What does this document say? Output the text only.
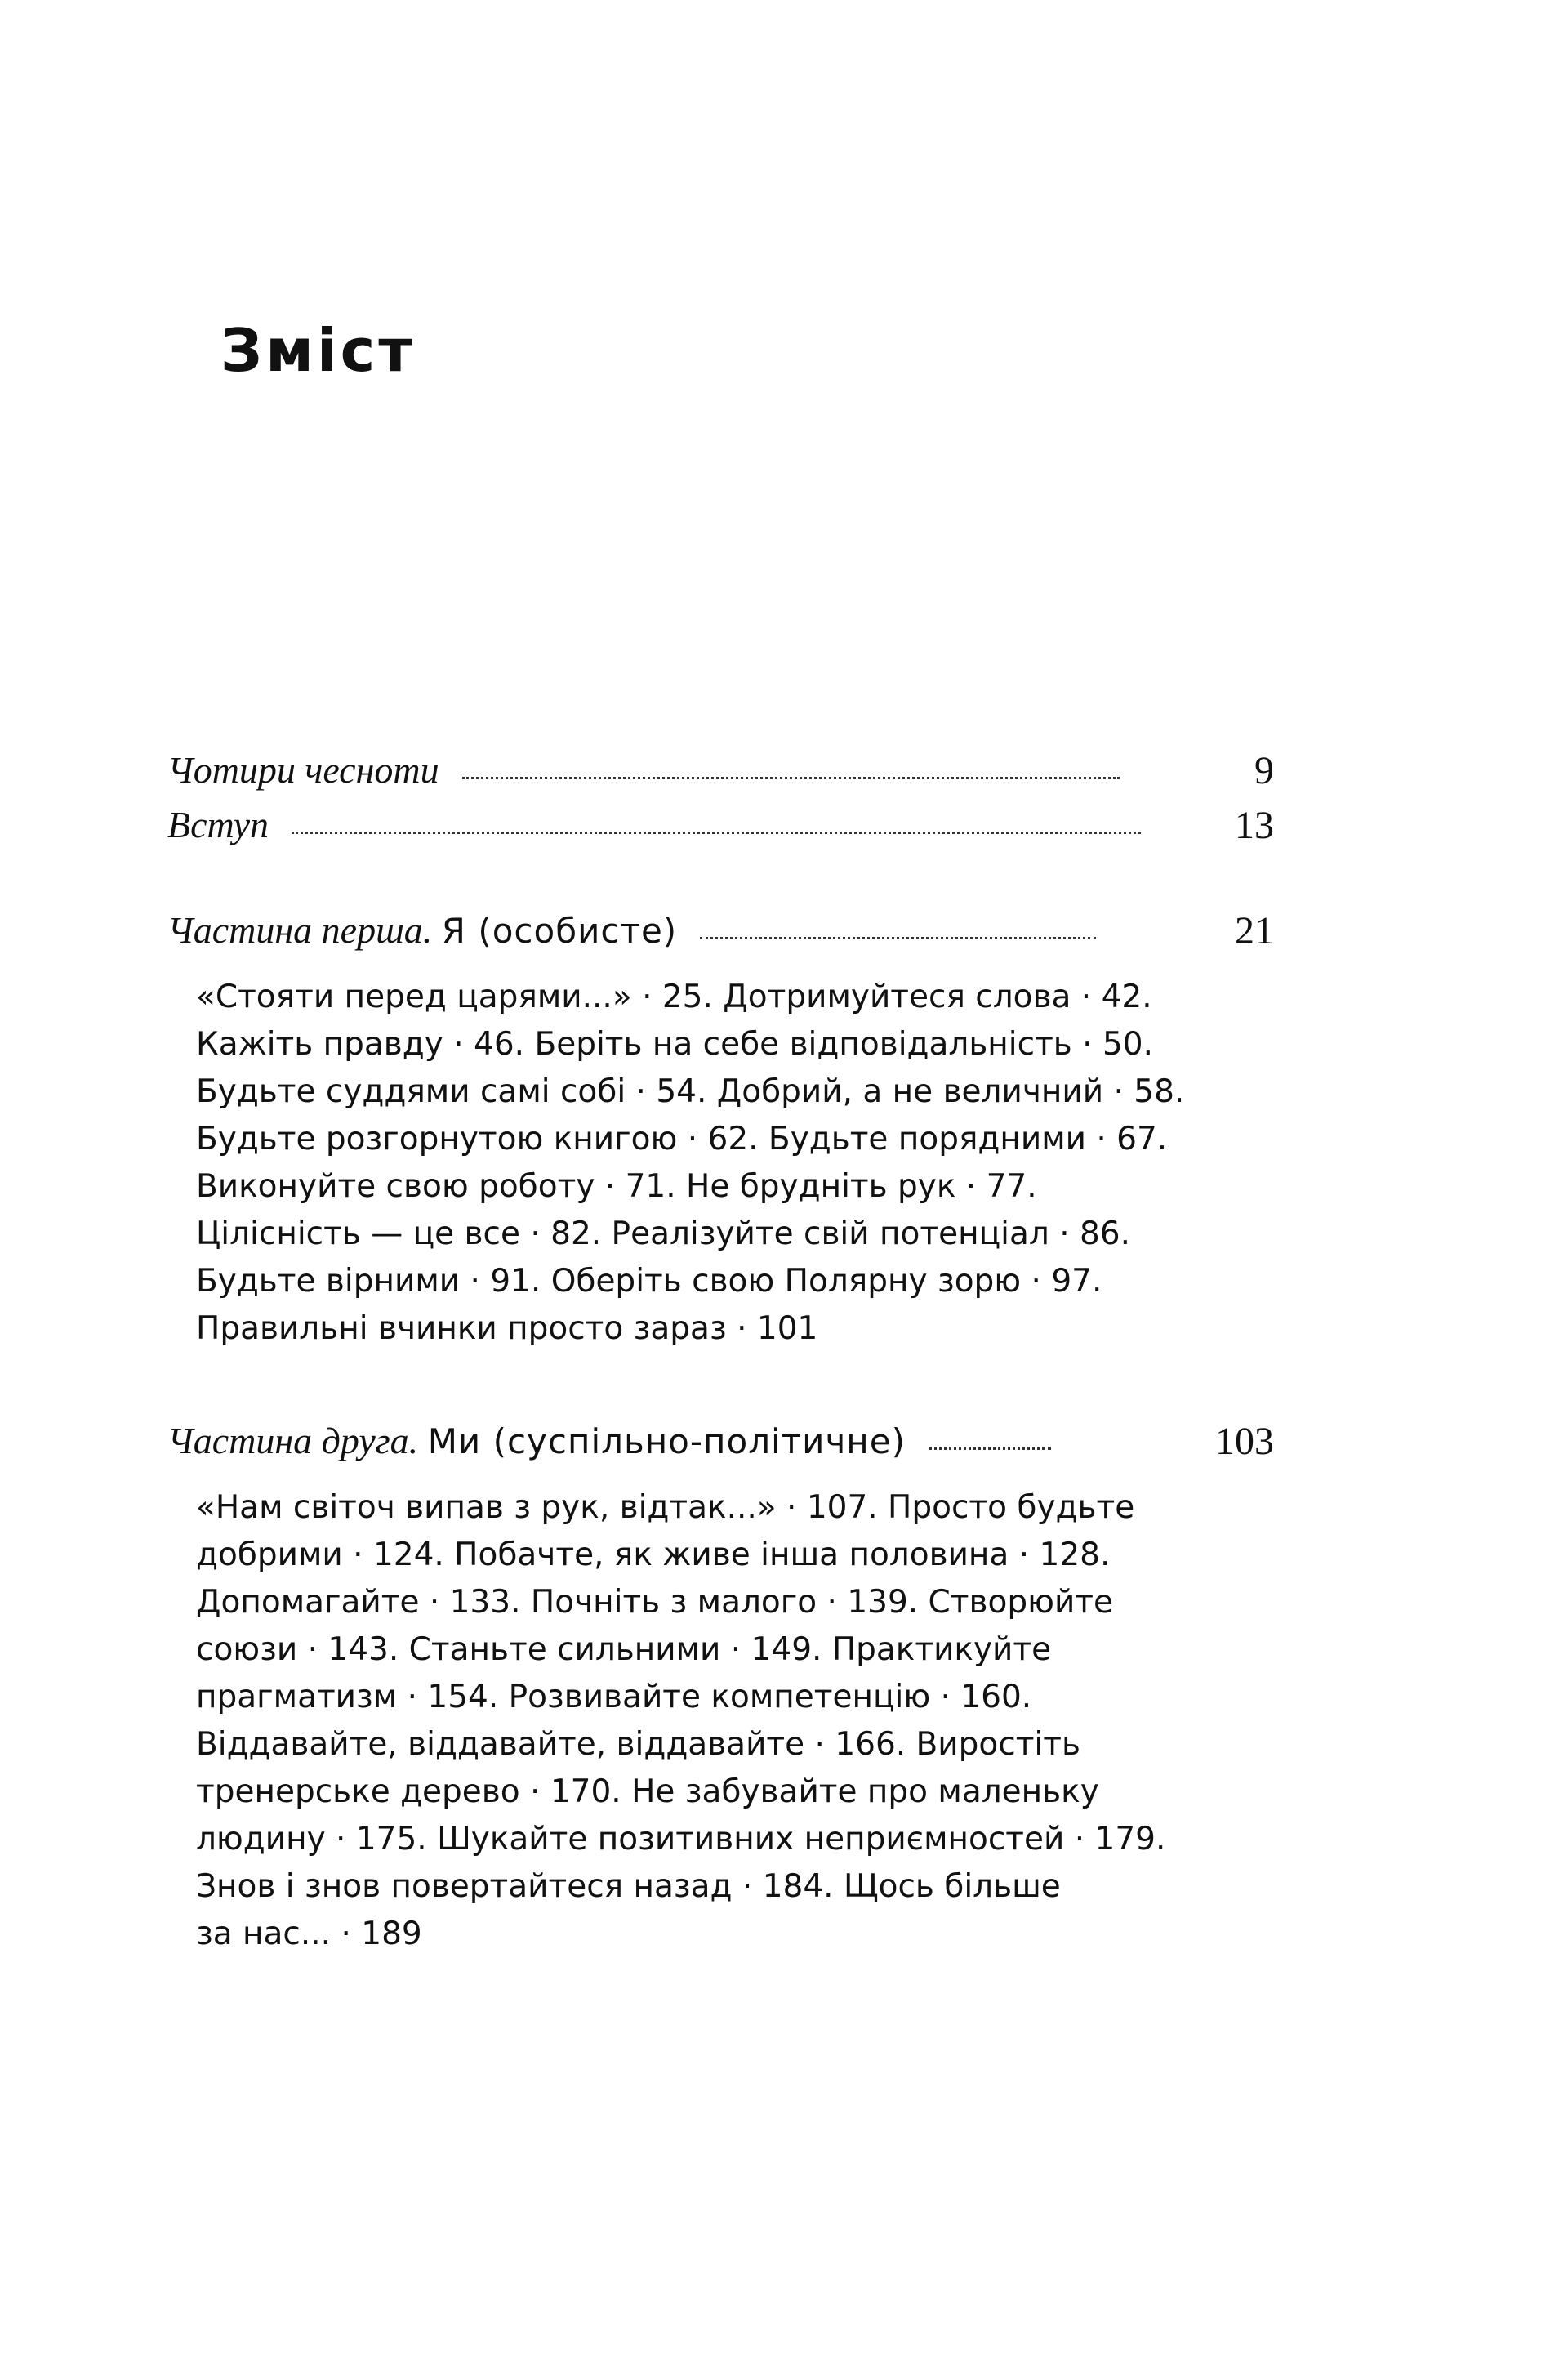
Зміст
Чотири чесноти	9
Вступ	13
Частина перша. Я (особисте)	21
«Стояти перед царями...» · 25. Дотримуйтеся слова · 42.
Кажіть правду · 46. Беріть на себе відповідальність · 50.
Будьте суддями самі собі · 54. Добрий, а не величний · 58.
Будьте розгорнутою книгою · 62. Будьте порядними · 67.
Виконуйте свою роботу · 71. Не брудніть рук · 77.
Цілісність — це все · 82. Реалізуйте свій потенціал · 86.
Будьте вірними · 91. Оберіть свою Полярну зорю · 97.
Правильні вчинки просто зараз · 101
Частина друга. Ми (суспільно-політичне)	103
«Нам світоч випав з рук, відтак...» · 107. Просто будьте
добрими · 124. Побачте, як живе інша половина · 128.
Допомагайте · 133. Почніть з малого · 139. Створюйте
союзи · 143. Станьте сильними · 149. Практикуйте
прагматизм · 154. Розвивайте компетенцію · 160.
Віддавайте, віддавайте, віддавайте · 166. Виростіть
тренерське дерево · 170. Не забувайте про маленьку
людину · 175. Шукайте позитивних неприємностей · 179.
Знов і знов повертайтеся назад · 184. Щось більше
за нас... · 189
